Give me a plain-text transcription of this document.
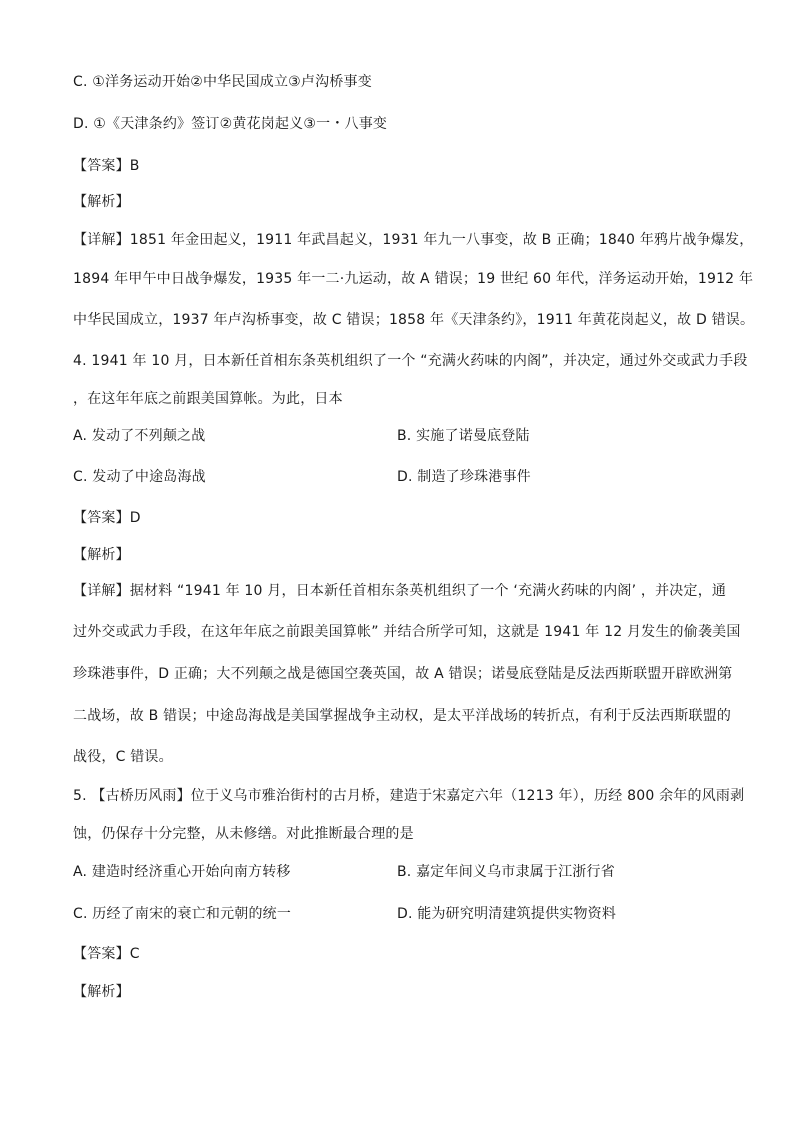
C. ①洋务运动开始②中华民国成立③卢沟桥事变
D. ①《天津条约》签订②黄花岗起义③一・八事变
【答案】B
【解析】
【详解】1851 年金田起义，1911 年武昌起义，1931 年九一八事变，故 B 正确；1840 年鸦片战争爆发，
1894 年甲午中日战争爆发，1935 年一二·九运动，故 A 错误；19 世纪 60 年代，洋务运动开始，1912 年
中华民国成立，1937 年卢沟桥事变，故 C 错误；1858 年《天津条约》，1911 年黄花岗起义，故 D 错误。
4. 1941 年 10 月，日本新任首相东条英机组织了一个 “充满火药味的内阁”，并决定，通过外交或武力手段
，在这年年底之前跟美国算帐。为此，日本
A. 发动了不列颠之战	B. 实施了诺曼底登陆
C. 发动了中途岛海战	D. 制造了珍珠港事件
【答案】D
【解析】
【详解】据材料 “1941 年 10 月，日本新任首相东条英机组织了一个 ‘充满火药味的内阁’ ，并决定，通
过外交或武力手段，在这年年底之前跟美国算帐” 并结合所学可知，这就是 1941 年 12 月发生的偷袭美国
珍珠港事件，D 正确；大不列颠之战是德国空袭英国，故 A 错误；诺曼底登陆是反法西斯联盟开辟欧洲第
二战场，故 B 错误；中途岛海战是美国掌握战争主动权，是太平洋战场的转折点，有利于反法西斯联盟的
战役，C 错误。
5. 【古桥历风雨】位于义乌市雅治街村的古月桥，建造于宋嘉定六年（1213 年），历经 800 余年的风雨剥
蚀，仍保存十分完整，从未修缮。对此推断最合理的是
A. 建造时经济重心开始向南方转移	B. 嘉定年间义乌市隶属于江浙行省
C. 历经了南宋的衰亡和元朝的统一	D. 能为研究明清建筑提供实物资料
【答案】C
【解析】
